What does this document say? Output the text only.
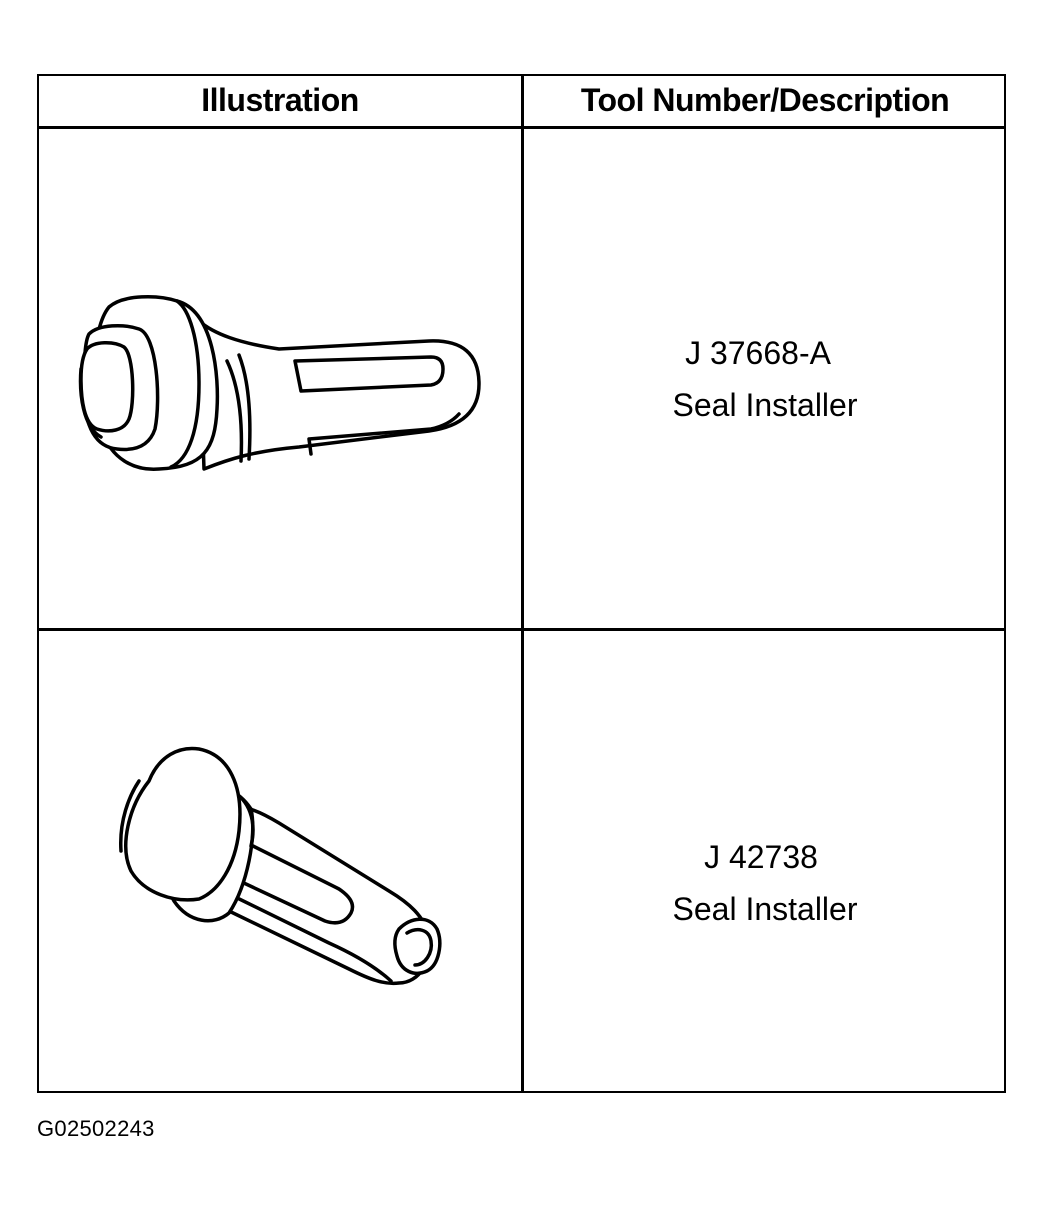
Illustration	Tool Number/Description
J 37668-A
Seal Installer
J 42738
Seal Installer
G02502243
